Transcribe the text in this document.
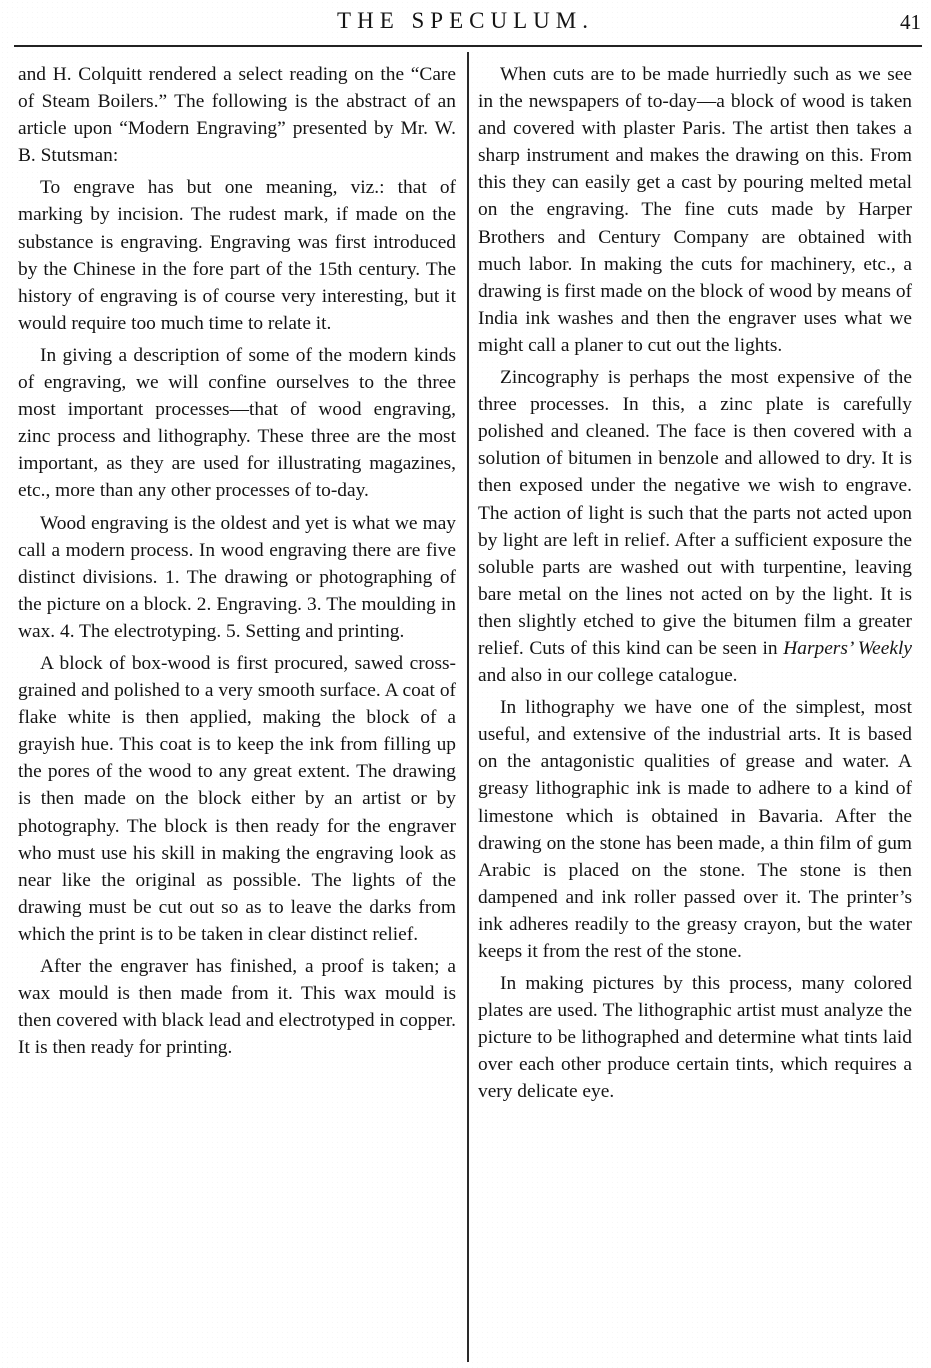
THE SPECULUM.	41

and H. Colquitt rendered a select reading on the “Care of Steam Boilers.” The following is the abstract of an article upon “Modern Engraving” presented by Mr. W. B. Stutsman:

To engrave has but one meaning, viz.: that of marking by incision. The rudest mark, if made on the substance is engraving. Engraving was first introduced by the Chinese in the fore part of the 15th century. The history of engraving is of course very interesting, but it would require too much time to relate it.

In giving a description of some of the modern kinds of engraving, we will confine ourselves to the three most important processes—that of wood engraving, zinc process and lithography. These three are the most important, as they are used for illustrating magazines, etc., more than any other processes of to-day.

Wood engraving is the oldest and yet is what we may call a modern process. In wood engraving there are five distinct divisions. 1. The drawing or photographing of the picture on a block. 2. Engraving. 3. The moulding in wax. 4. The electrotyping. 5. Setting and printing.

A block of box-wood is first procured, sawed cross-grained and polished to a very smooth surface. A coat of flake white is then applied, making the block of a grayish hue. This coat is to keep the ink from filling up the pores of the wood to any great extent. The drawing is then made on the block either by an artist or by photography. The block is then ready for the engraver who must use his skill in making the engraving look as near like the original as possible. The lights of the drawing must be cut out so as to leave the darks from which the print is to be taken in clear distinct relief.

After the engraver has finished, a proof is taken; a wax mould is then made from it. This wax mould is then covered with black lead and electrotyped in copper. It is then ready for printing.

When cuts are to be made hurriedly such as we see in the newspapers of to-day—a block of wood is taken and covered with plaster Paris. The artist then takes a sharp instrument and makes the drawing on this. From this they can easily get a cast by pouring melted metal on the engraving. The fine cuts made by Harper Brothers and Century Company are obtained with much labor. In making the cuts for machinery, etc., a drawing is first made on the block of wood by means of India ink washes and then the engraver uses what we might call a planer to cut out the lights.

Zincography is perhaps the most expensive of the three processes. In this, a zinc plate is carefully polished and cleaned. The face is then covered with a solution of bitumen in benzole and allowed to dry. It is then exposed under the negative we wish to engrave. The action of light is such that the parts not acted upon by light are left in relief. After a sufficient exposure the soluble parts are washed out with turpentine, leaving bare metal on the lines not acted on by the light. It is then slightly etched to give the bitumen film a greater relief. Cuts of this kind can be seen in Harpers’ Weekly and also in our college catalogue.

In lithography we have one of the simplest, most useful, and extensive of the industrial arts. It is based on the antagonistic qualities of grease and water. A greasy lithographic ink is made to adhere to a kind of limestone which is obtained in Bavaria. After the drawing on the stone has been made, a thin film of gum Arabic is placed on the stone. The stone is then dampened and ink roller passed over it. The printer’s ink adheres readily to the greasy crayon, but the water keeps it from the rest of the stone.

In making pictures by this process, many colored plates are used. The lithographic artist must analyze the picture to be lithographed and determine what tints laid over each other produce certain tints, which requires a very delicate eye.
